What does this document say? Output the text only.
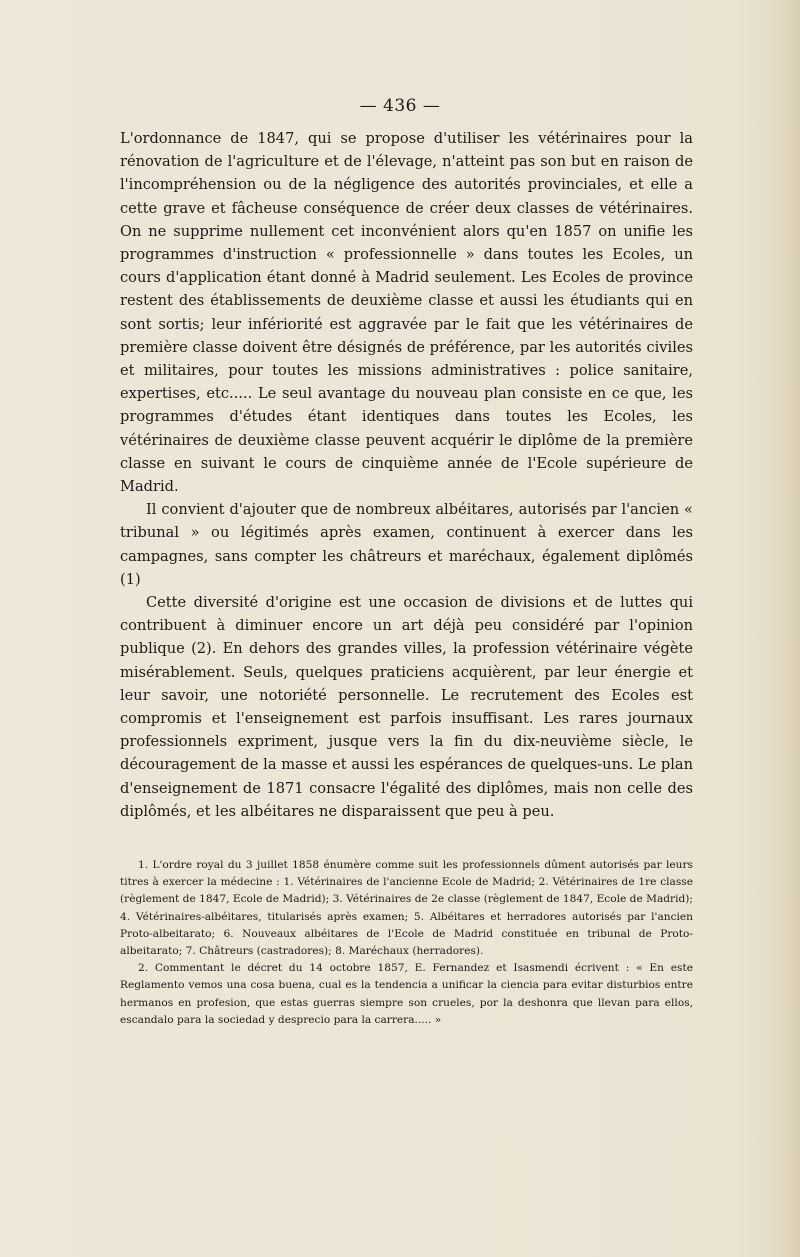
— 436 —

L'ordonnance de 1847, qui se propose d'utiliser les vétérinaires pour la rénovation de l'agriculture et de l'élevage, n'atteint pas son but en raison de l'incompréhension ou de la négligence des autorités provinciales, et elle a cette grave et fâcheuse conséquence de créer deux classes de vétérinaires. On ne supprime nullement cet inconvénient alors qu'en 1857 on unifie les programmes d'instruction « professionnelle » dans toutes les Ecoles, un cours d'application étant donné à Madrid seulement. Les Ecoles de province restent des établissements de deuxième classe et aussi les étudiants qui en sont sortis; leur infériorité est aggravée par le fait que les vétérinaires de première classe doivent être désignés de préférence, par les autorités civiles et militaires, pour toutes les missions administratives : police sanitaire, expertises, etc..... Le seul avantage du nouveau plan consiste en ce que, les programmes d'études étant identiques dans toutes les Ecoles, les vétérinaires de deuxième classe peuvent acquérir le diplôme de la première classe en suivant le cours de cinquième année de l'Ecole supérieure de Madrid.

Il convient d'ajouter que de nombreux albéitares, autorisés par l'ancien « tribunal » ou légitimés après examen, continuent à exercer dans les campagnes, sans compter les châtreurs et maréchaux, également diplômés (1)

Cette diversité d'origine est une occasion de divisions et de luttes qui contribuent à diminuer encore un art déjà peu considéré par l'opinion publique (2). En dehors des grandes villes, la profession vétérinaire végète misérablement. Seuls, quelques praticiens acquièrent, par leur énergie et leur savoir, une notoriété personnelle. Le recrutement des Ecoles est compromis et l'enseignement est parfois insuffisant. Les rares journaux professionnels expriment, jusque vers la fin du dix-neuvième siècle, le découragement de la masse et aussi les espérances de quelques-uns. Le plan d'enseignement de 1871 consacre l'égalité des diplômes, mais non celle des diplômés, et les albéitares ne disparaissent que peu à peu.

1. L'ordre royal du 3 juillet 1858 énumère comme suit les professionnels dûment autorisés par leurs titres à exercer la médecine : 1. Vétérinaires de l'ancienne Ecole de Madrid; 2. Vétérinaires de 1re classe (règlement de 1847, Ecole de Madrid); 3. Vétérinaires de 2e classe (règlement de 1847, Ecole de Madrid); 4. Vétérinaires-albéitares, titularisés après examen; 5. Albéitares et herradores autorisés par l'ancien Proto-albeitarato; 6. Nouveaux albéitares de l'Ecole de Madrid constituée en tribunal de Proto-albeitarato; 7. Châtreurs (castradores); 8. Maréchaux (herradores).

2. Commentant le décret du 14 octobre 1857, E. Fernandez et Isasmendi écrivent : « En este Reglamento vemos una cosa buena, cual es la tendencia a unificar la ciencia para evitar disturbios entre hermanos en profesion, que estas guerras siempre son crueles, por la deshonra que llevan para ellos, escandalo para la sociedad y desprecio para la carrera..... »
